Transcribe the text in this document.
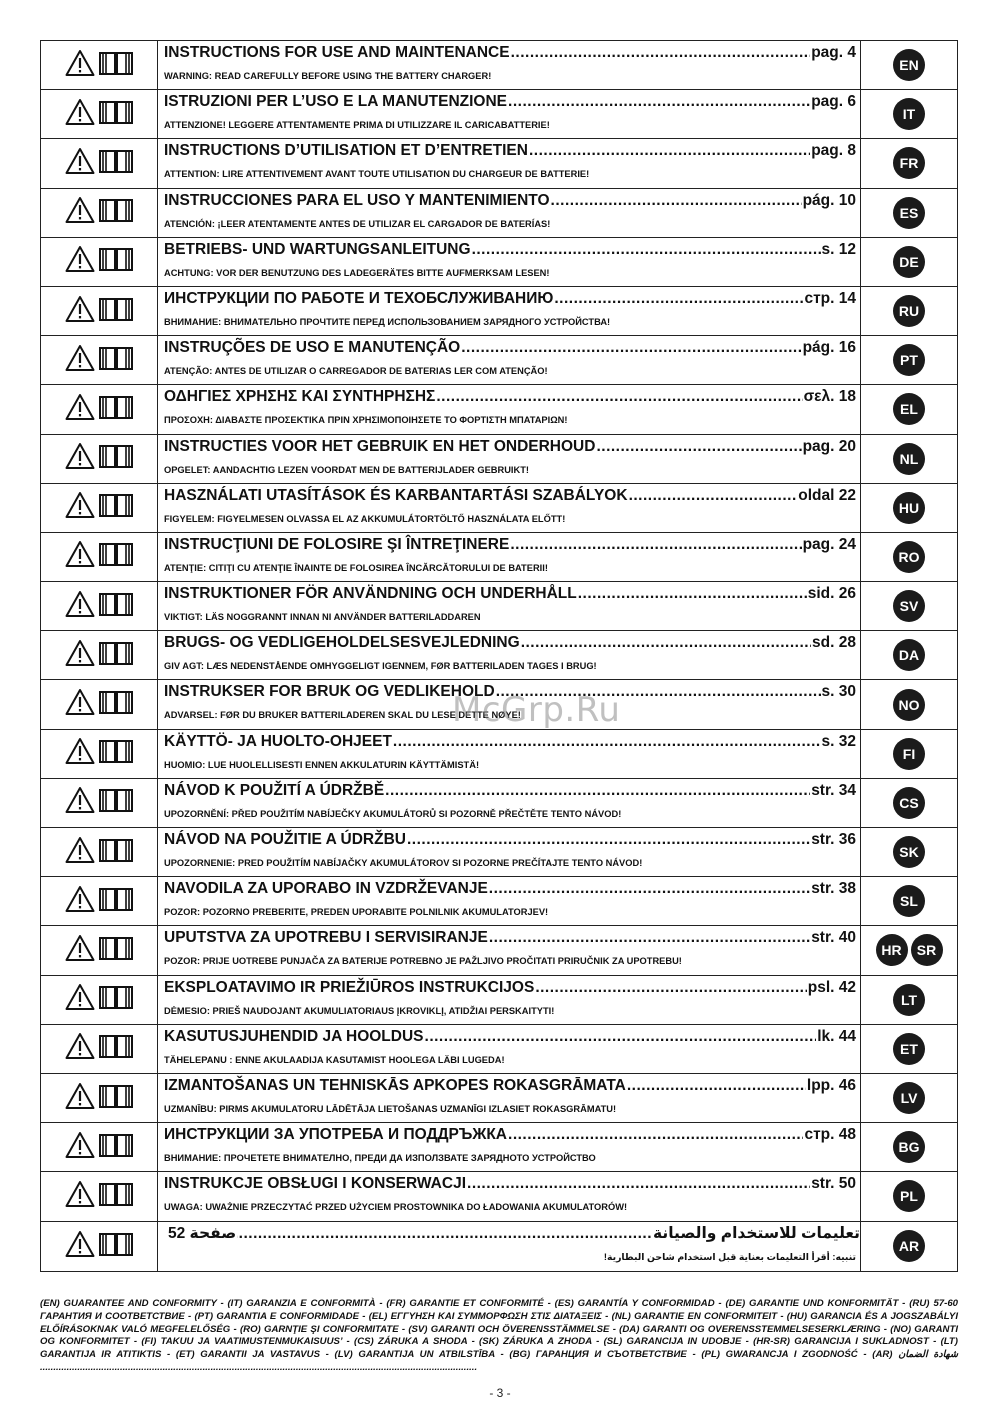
INSTRUCTIONS FOR USE AND MAINTENANCE .....	pag. 4
WARNING: READ CAREFULLY BEFORE USING THE BATTERY CHARGER!
EN
ISTRUZIONI PER L’USO E LA MANUTENZIONE .....	pag. 6
ATTENZIONE! LEGGERE ATTENTAMENTE PRIMA DI UTILIZZARE IL CARICABATTERIE!
IT
INSTRUCTIONS D’UTILISATION ET D’ENTRETIEN .....	pag. 8
ATTENTION: LIRE ATTENTIVEMENT AVANT TOUTE UTILISATION DU CHARGEUR DE BATTERIE!
FR
INSTRUCCIONES PARA EL USO Y MANTENIMIENTO .....	pág. 10
ATENCIÓN: ¡LEER ATENTAMENTE ANTES DE UTILIZAR EL CARGADOR DE BATERÍAS!
ES
BETRIEBS- UND WARTUNGSANLEITUNG .....	s. 12
ACHTUNG: VOR DER BENUTZUNG DES LADEGERÄTES BITTE AUFMERKSAM LESEN!
DE
ИНСТРУКЦИИ ПО РАБОТЕ И ТЕХОБСЛУЖИВАНИЮ .....	стр. 14
ВНИМАНИЕ: ВНИМАТЕЛЬНО ПРОЧТИТЕ ПЕРЕД ИСПОЛЬЗОВАНИЕМ ЗАРЯДНОГО УСТРОЙСТВА!
RU
INSTRUÇÕES DE USO E MANUTENÇÃO .....	pág. 16
ATENÇÃO: ANTES DE UTILIZAR O CARREGADOR DE BATERIAS LER COM ATENÇÃO!
PT
ΟΔΗΓΙΕΣ ΧΡΗΣΗΣ ΚΑΙ ΣΥΝΤΗΡΗΣΗΣ .....	σελ. 18
ΠΡΟΣΟΧΗ: ΔΙΑΒΑΣΤΕ ΠΡΟΣΕΚΤΙΚΑ ΠΡΙΝ ΧΡΗΣΙΜΟΠΟΙΗΣΕΤΕ ΤΟ ΦΟΡΤΙΣΤΗ ΜΠΑΤΑΡΙΩΝ!
EL
INSTRUCTIES VOOR HET GEBRUIK EN HET ONDERHOUD .....	pag. 20
OPGELET: AANDACHTIG LEZEN VOORDAT MEN DE BATTERIJLADER GEBRUIKT!
NL
HASZNÁLATI UTASÍTÁSOK ÉS KARBANTARTÁSI SZABÁLYOK .....	oldal 22
FIGYELEM: FIGYELMESEN OLVASSA EL AZ AKKUMULÁTORTÖLTŐ HASZNÁLATA ELŐTT!
HU
INSTRUCŢIUNI DE FOLOSIRE ŞI ÎNTREŢINERE .....	pag. 24
ATENŢIE: CITIŢI CU ATENŢIE ÎNAINTE DE FOLOSIREA ÎNCĂRCĂTORULUI DE BATERII!
RO
INSTRUKTIONER FÖR ANVÄNDNING OCH UNDERHÅLL .....	sid. 26
VIKTIGT: LÄS NOGGRANNT INNAN NI ANVÄNDER BATTERILADDAREN
SV
BRUGS- OG VEDLIGEHOLDELSESVEJLEDNING .....	sd. 28
GIV AGT: LÆS NEDENSTÅENDE OMHYGGELIGT IGENNEM, FØR BATTERILADEN TAGES I BRUG!
DA
INSTRUKSER FOR BRUK OG VEDLIKEHOLD .....	s. 30
ADVARSEL: FØR DU BRUKER BATTERILADEREN SKAL DU LESE DETTE NØYE!
NO
KÄYTTÖ- JA HUOLTO-OHJEET .....	s. 32
HUOMIO: LUE HUOLELLISESTI ENNEN AKKULATURIN KÄYTTÄMISTÄ!
FI
NÁVOD K POUŽITÍ A ÚDRŽBĚ .....	str. 34
UPOZORNĚNÍ: PŘED POUŽITÍM NABÍJEČKY AKUMULÁTORŮ SI POZORNĚ PŘEČTĚTE TENTO NÁVOD!
CS
NÁVOD NA POUŽITIE A ÚDRŽBU .....	str. 36
UPOZORNENIE: PRED POUŽITÍM NABÍJAČKY AKUMULÁTOROV SI POZORNE PREČÍTAJTE TENTO NÁVOD!
SK
NAVODILA ZA UPORABO IN VZDRŽEVANJE .....	str. 38
POZOR: POZORNO PREBERITE, PREDEN UPORABITE POLNILNIK AKUMULATORJEV!
SL
UPUTSTVA ZA UPOTREBU I SERVISIRANJE .....	str. 40
POZOR: PRIJE UOTREBE PUNJAČA ZA BATERIJE POTREBNO JE PAŽLJIVO PROČITATI PRIRUČNIK ZA UPOTREBU!
HR	SR
EKSPLOATAVIMO IR PRIEŽIŪROS INSTRUKCIJOS .....	psl. 42
DĖMESIO: PRIEŠ NAUDOJANT AKUMULIATORIAUS ĮKROVIKLĮ, ATIDŽIAI PERSKAITYTI!
LT
KASUTUSJUHENDID JA HOOLDUS .....	lk. 44
TÄHELEPANU : ENNE AKULAADIJA KASUTAMIST HOOLEGA LÄBI LUGEDA!
ET
IZMANTOŠANAS UN TEHNISKĀS APKOPES ROKASGRĀMATA .....	lpp. 46
UZMANĪBU: PIRMS AKUMULATORU LĀDĒTĀJA LIETOŠANAS UZMANĪGI IZLASIET ROKASGRĀMATU!
LV
ИНСТРУКЦИИ ЗА УПОТРЕБА И ПОДДРЪЖКА .....	стр. 48
ВНИМАНИЕ: ПРОЧЕТЕТЕ ВНИМАТЕЛНО, ПРЕДИ ДА ИЗПОЛЗВАТЕ ЗАРЯДНОТО УСТРОЙСТВО
BG
INSTRUKCJE OBSŁUGI I KONSERWACJI .....	str. 50
UWAGA: UWAŻNIE PRZECZYTAĆ PRZED UŻYCIEM PROSTOWNIKA DO ŁADOWANIA AKUMULATORÓW!
PL
تعليمات للاستخدام والصيانة
.....
صفحة 52
تنبيه: أقرأ التعليمات بعناية قبل استخدام شاحن البطارية!
AR
57-60
(EN) GUARANTEE AND CONFORMITY - (IT) GARANZIA E CONFORMITÀ - (FR) GARANTIE ET CONFORMITÉ - (ES) GARANTÍA Y CONFORMIDAD - (DE) GARANTIE UND KONFORMITÄT - (RU) ГАРАНТИЯ И СООТВЕТСТВИЕ - (PT) GARANTIA E CONFORMIDADE - (EL) ΕΓΓΥΗΣΗ ΚΑΙ ΣΥΜΜΟΡΦΩΣΗ ΣΤΙΣ ΔΙΑΤΑΞΕΙΣ - (NL) GARANTIE EN CONFORMITEIT - (HU) GARANCIA ÉS A JOGSZABÁLYI ELŐÍRÁSOKNAK VALÓ MEGFELELŐSÉG - (RO) GARNŢIE ŞI CONFORMITATE - (SV) GARANTI OCH ÖVERENSSTÄMMELSE - (DA) GARANTI OG OVERENSSTEMMELSESERKLÆRING - (NO) GARANTI OG KONFORMITET - (FI) TAKUU JA VAATIMUSTENMUKAISUUS’ - (CS) ZÁRUKA A SHODA - (SK) ZÁRUKA A ZHODA - (SL) GARANCIJA IN UDOBJE - (HR-SR) GARANCIJA I SUKLADNOST - (LT) GARANTIJA IR ATITIKTIS - (ET) GARANTII JA VASTAVUS - (LV) GARANTIJA UN ATBILSTĪBA - (BG) ГАРАНЦИЯ И СЪОТВЕТСТВИЕ - (PL) GWARANCJA I ZGODNOŚĆ - (AR) شهادة الضمان ....................................................................................................................................................................
- 3 -
McGrp.Ru
